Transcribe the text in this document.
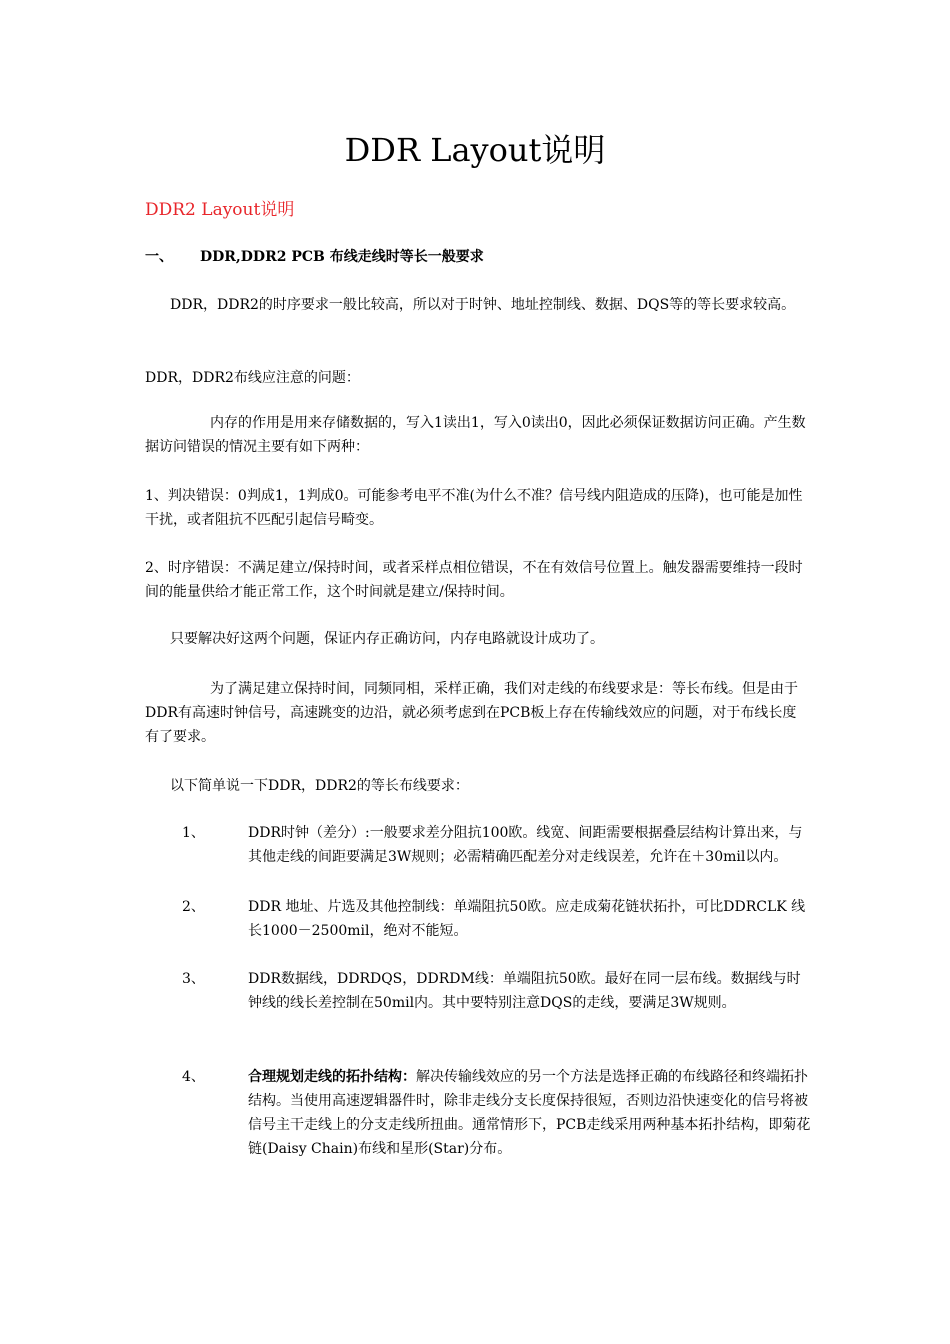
DDR Layout说明
DDR2 Layout说明
一、 DDR,DDR2 PCB 布线走线时等长一般要求
DDR，DDR2的时序要求一般比较高，所以对于时钟、地址控制线、数据、DQS等的等长要求较高。
DDR，DDR2布线应注意的问题：
内存的作用是用来存储数据的，写入1读出1，写入0读出0，因此必须保证数据访问正确。产生数据访问错误的情况主要有如下两种：
1、判决错误：0判成1，1判成0。可能参考电平不准(为什么不准？信号线内阻造成的压降)，也可能是加性干扰，或者阻抗不匹配引起信号畸变。
2、时序错误：不满足建立/保持时间，或者采样点相位错误，不在有效信号位置上。触发器需要维持一段时间的能量供给才能正常工作，这个时间就是建立/保持时间。
只要解决好这两个问题，保证内存正确访问，内存电路就设计成功了。
为了满足建立保持时间，同频同相，采样正确，我们对走线的布线要求是：等长布线。但是由于DDR有高速时钟信号，高速跳变的边沿，就必须考虑到在PCB板上存在传输线效应的问题，对于布线长度有了要求。
以下简单说一下DDR，DDR2的等长布线要求：
1、	DDR时钟（差分）:一般要求差分阻抗100欧。线宽、间距需要根据叠层结构计算出来，与其他走线的间距要满足3W规则；必需精确匹配差分对走线误差，允许在＋30mil以内。
2、	DDR 地址、片选及其他控制线：单端阻抗50欧。应走成菊花链状拓扑，可比DDRCLK 线长1000－2500mil，绝对不能短。
3、	DDR数据线，DDRDQS，DDRDM线：单端阻抗50欧。最好在同一层布线。数据线与时钟线的线长差控制在50mil内。其中要特别注意DQS的走线，要满足3W规则。
4、	合理规划走线的拓扑结构：解决传输线效应的另一个方法是选择正确的布线路径和终端拓扑结构。当使用高速逻辑器件时，除非走线分支长度保持很短，否则边沿快速变化的信号将被信号主干走线上的分支走线所扭曲。通常情形下，PCB走线采用两种基本拓扑结构，即菊花链(Daisy Chain)布线和星形(Star)分布。
